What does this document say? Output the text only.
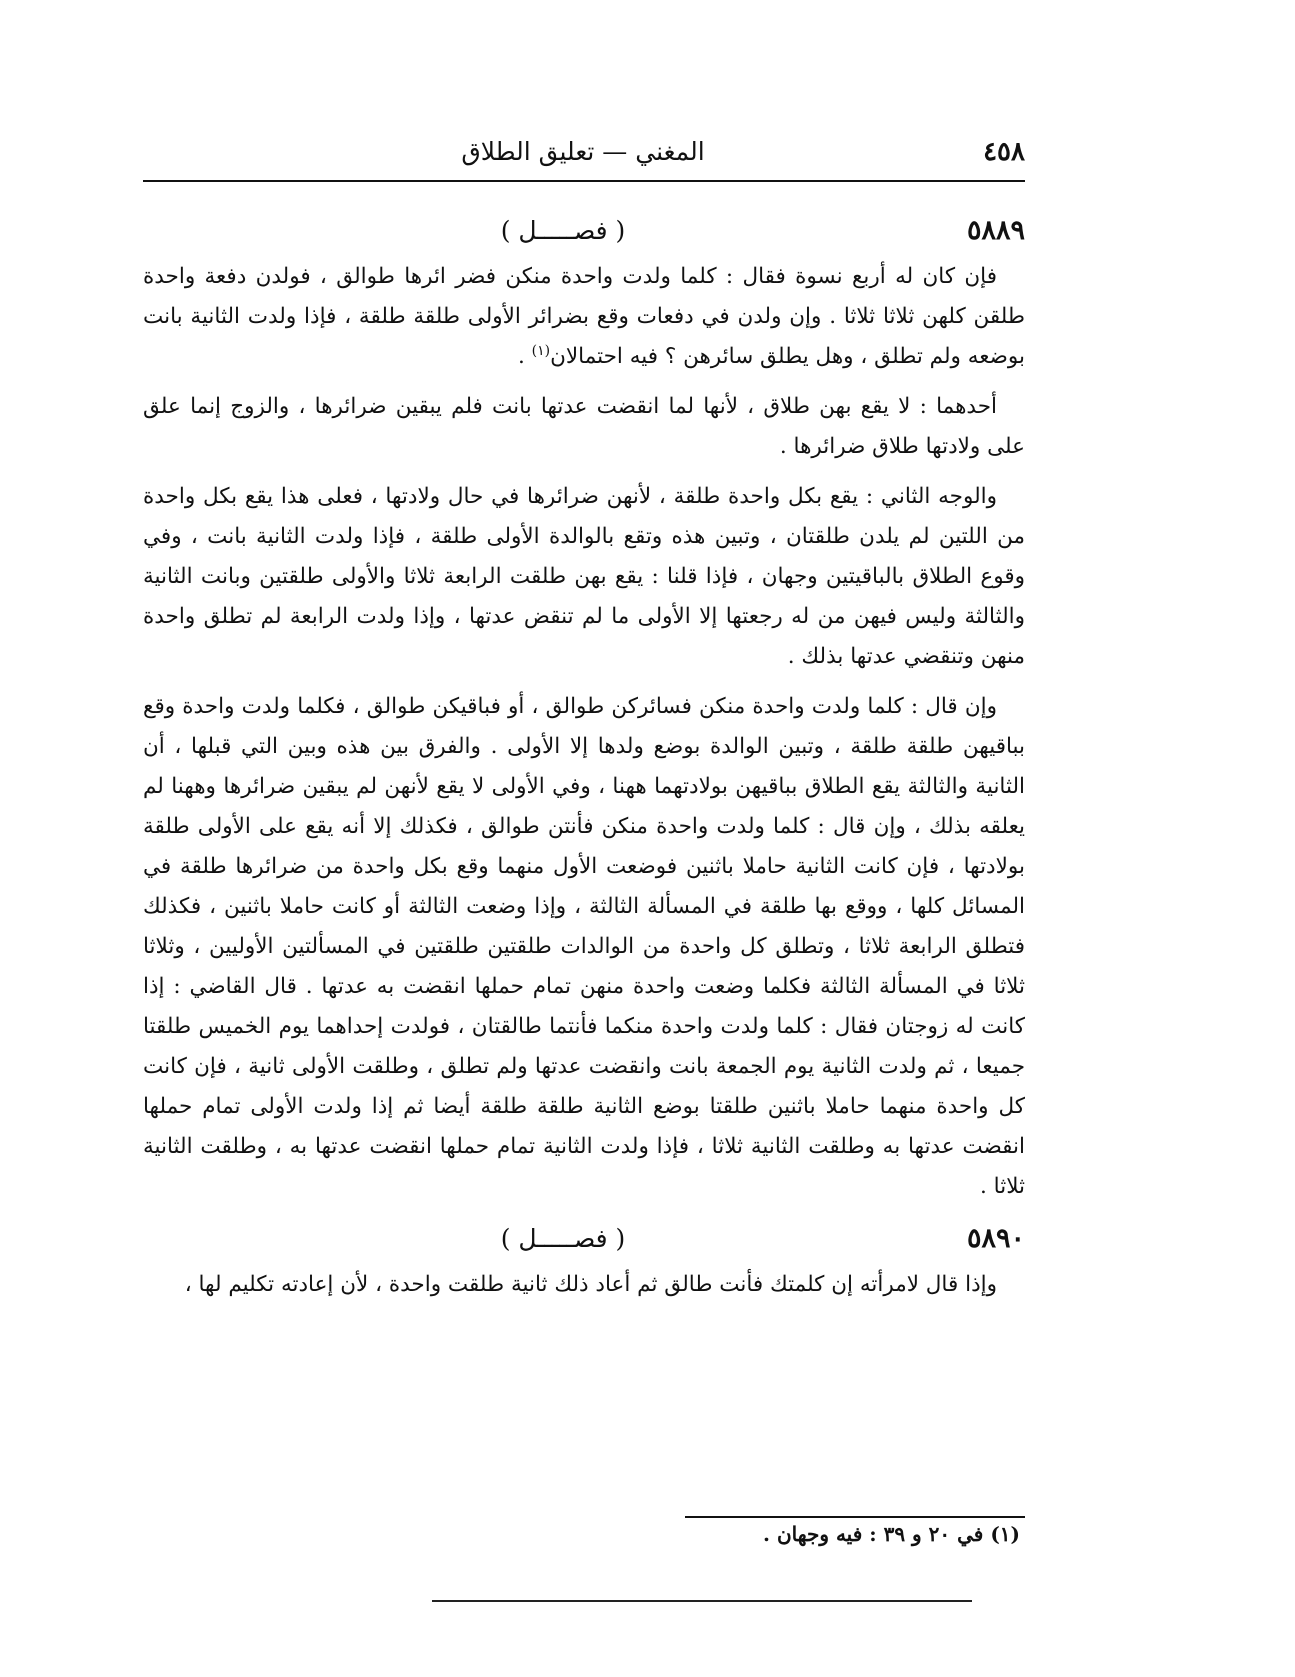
٤٥٨
المغني — تعليق الطلاق
٥٨٨٩
( فصـــــل )

فإن كان له أربع نسوة فقال : كلما ولدت واحدة منكن فضر ائرها طوالق ، فولدن دفعة واحدة طلقن كلهن ثلاثا ثلاثا . وإن ولدن في دفعات وقع بضرائر الأولى طلقة طلقة ، فإذا ولدت الثانية بانت بوضعه ولم تطلق ، وهل يطلق سائرهن ؟ فيه احتمالان$^{(١)}$ .

أحدهما : لا يقع بهن طلاق ، لأنها لما انقضت عدتها بانت فلم يبقين ضرائرها ، والزوج إنما علق على ولادتها طلاق ضرائرها .

والوجه الثاني : يقع بكل واحدة طلقة ، لأنهن ضرائرها في حال ولادتها ، فعلى هذا يقع بكل واحدة من اللتين لم يلدن طلقتان ، وتبين هذه وتقع بالوالدة الأولى طلقة ، فإذا ولدت الثانية بانت ، وفي وقوع الطلاق بالباقيتين وجهان ، فإذا قلنا : يقع بهن طلقت الرابعة ثلاثا والأولى طلقتين وبانت الثانية والثالثة وليس فيهن من له رجعتها إلا الأولى ما لم تنقض عدتها ، وإذا ولدت الرابعة لم تطلق واحدة منهن وتنقضي عدتها بذلك .

وإن قال : كلما ولدت واحدة منكن فسائركن طوالق ، أو فباقيكن طوالق ، فكلما ولدت واحدة وقع بباقيهن طلقة طلقة ، وتبين الوالدة بوضع ولدها إلا الأولى . والفرق بين هذه وبين التي قبلها ، أن الثانية والثالثة يقع الطلاق بباقيهن بولادتهما ههنا ، وفي الأولى لا يقع لأنهن لم يبقين ضرائرها وههنا لم يعلقه بذلك ، وإن قال : كلما ولدت واحدة منكن فأنتن طوالق ، فكذلك إلا أنه يقع على الأولى طلقة بولادتها ، فإن كانت الثانية حاملا باثنين فوضعت الأول منهما وقع بكل واحدة من ضرائرها طلقة في المسائل كلها ، ووقع بها طلقة في المسألة الثالثة ، وإذا وضعت الثالثة أو كانت حاملا باثنين ، فكذلك فتطلق الرابعة ثلاثا ، وتطلق كل واحدة من الوالدات طلقتين طلقتين في المسألتين الأوليين ، وثلاثا ثلاثا في المسألة الثالثة فكلما وضعت واحدة منهن تمام حملها انقضت به عدتها . قال القاضي : إذا كانت له زوجتان فقال : كلما ولدت واحدة منكما فأنتما طالقتان ، فولدت إحداهما يوم الخميس طلقتا جميعا ، ثم ولدت الثانية يوم الجمعة بانت وانقضت عدتها ولم تطلق ، وطلقت الأولى ثانية ، فإن كانت كل واحدة منهما حاملا باثنين طلقتا بوضع الثانية طلقة طلقة أيضا ثم إذا ولدت الأولى تمام حملها انقضت عدتها به وطلقت الثانية ثلاثا ، فإذا ولدت الثانية تمام حملها انقضت عدتها به ، وطلقت الثانية ثلاثا .

٥٨٩٠
( فصـــــل )

وإذا قال لامرأته إن كلمتك فأنت طالق ثم أعاد ذلك ثانية طلقت واحدة ، لأن إعادته تكليم لها ،

(١) في ٢٠ و ٣٩ : فيه وجهان .
